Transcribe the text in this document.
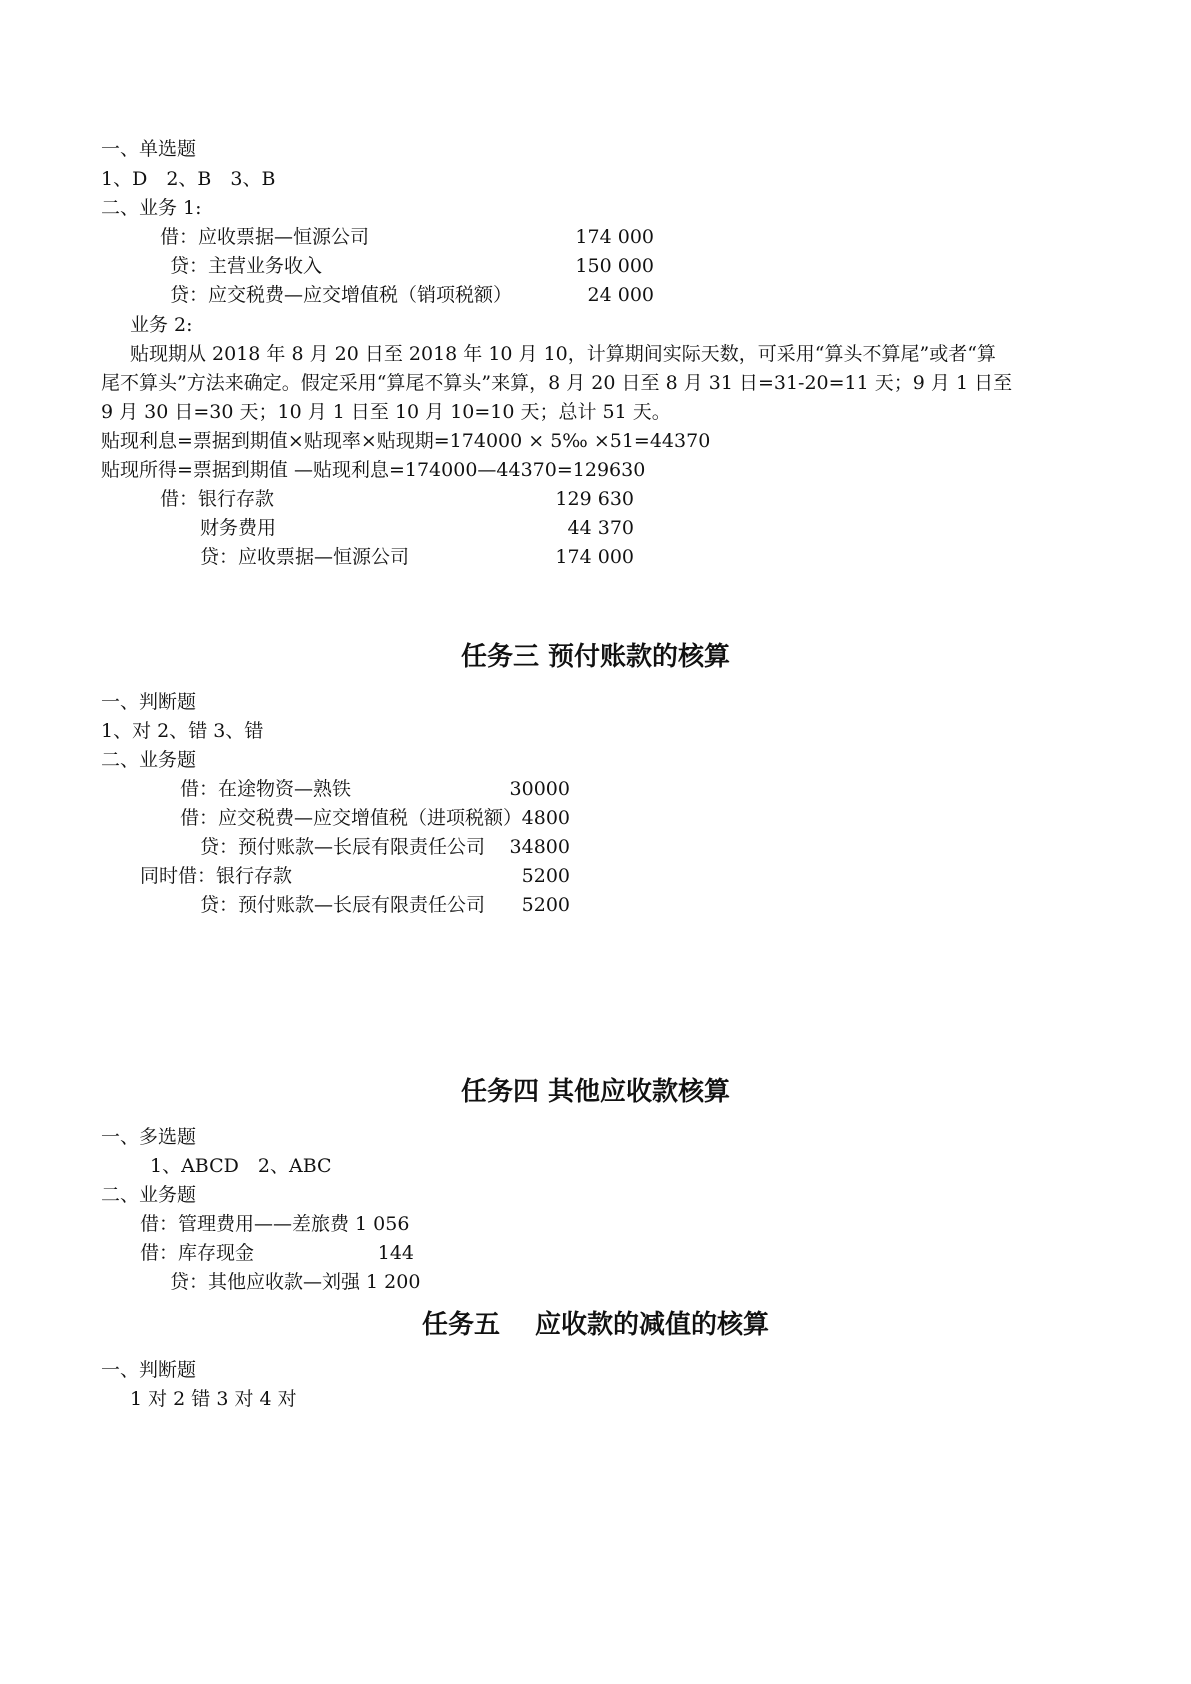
一、单选题
1、D　2、B　3、B
二、业务 1:
借：应收票据—恒源公司	174 000
贷：主营业务收入	150 000
贷：应交税费—应交增值税（销项税额）	24 000
业务 2:
贴现期从 2018 年 8 月 20 日至 2018 年 10 月 10，计算期间实际天数，可采用“算头不算尾”或者“算
尾不算头”方法来确定。假定采用“算尾不算头”来算，8 月 20 日至 8 月 31 日=31-20=11 天；9 月 1 日至
9 月 30 日=30 天；10 月 1 日至 10 月 10=10 天；总计 51 天。
贴现利息=票据到期值×贴现率×贴现期=174000 × 5‰ ×51=44370
贴现所得=票据到期值 —贴现利息=174000—44370=129630
借：银行存款	129 630
财务费用	44 370
贷：应收票据—恒源公司	174 000
任务三 预付账款的核算
一、判断题
1、对 2、错 3、错
二、业务题
借：在途物资—熟铁	30000
借：应交税费—应交增值税（进项税额） 4800
贷：预付账款—长辰有限责任公司 34800
同时借：银行存款	5200
贷：预付账款—长辰有限责任公司 5200
任务四 其他应收款核算
一、多选题
1、ABCD　2、ABC
二、业务题
借：管理费用——差旅费 1 056
借：库存现金	144
贷：其他应收款—刘强 1 200
任务五　 应收款的减值的核算
一、判断题
1 对 2 错 3 对 4 对
